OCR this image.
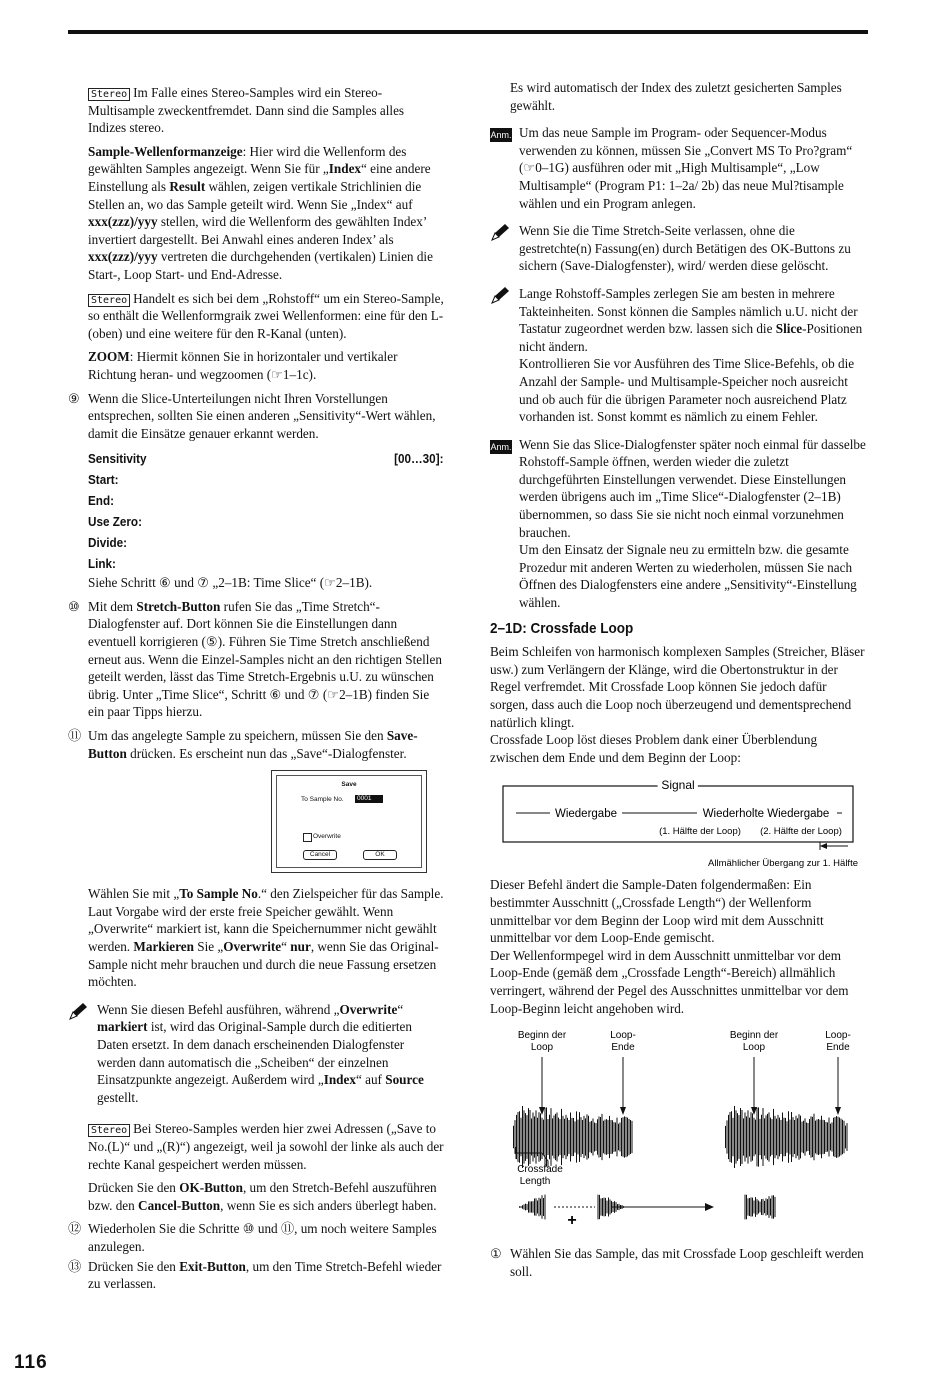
Stereo Im Falle eines Stereo-Samples wird ein Stereo-Multisample zweckentfremdet. Dann sind die Samples alles Indizes stereo.

Sample-Wellenformanzeige: Hier wird die Wellenform des gewählten Samples angezeigt. Wenn Sie für „Index“ eine andere Einstellung als Result wählen, zeigen vertikale Strichlinien die Stellen an, wo das Sample geteilt wird. Wenn Sie „Index“ auf xxx(zzz)/yyy stellen, wird die Wellenform des gewählten Index’ invertiert dargestellt. Bei Anwahl eines anderen Index’ als xxx(zzz)/yyy vertreten die durchgehenden (vertikalen) Linien die Start-, Loop Start- und End-Adresse.

Stereo Handelt es sich bei dem „Rohstoff“ um ein Stereo-Sample, so enthält die Wellenformgraik zwei Wellenformen: eine für den L- (oben) und eine weitere für den R-Kanal (unten).

ZOOM: Hiermit können Sie in horizontaler und vertikaler Richtung heran- und wegzoomen (☞1–1c).

⑨ Wenn die Slice-Unterteilungen nicht Ihren Vorstellungen entsprechen, sollten Sie einen anderen „Sensitivity“-Wert wählen, damit die Einsätze genauer erkannt werden.
Sensitivity	[00…30]:
Start:
End:
Use Zero:
Divide:
Link:

Siehe Schritt ⑥ und ⑦ „2–1B: Time Slice“ (☞2–1B).

⑩ Mit dem Stretch-Button rufen Sie das „Time Stretch“-Dialogfenster auf. Dort können Sie die Einstellungen dann eventuell korrigieren (⑤). Führen Sie Time Stretch anschließend erneut aus. Wenn die Einzel-Samples nicht an den richtigen Stellen geteilt werden, lässt das Time Stretch-Ergebnis u.U. zu wünschen übrig. Unter „Time Slice“, Schritt ⑥ und ⑦ (☞2–1B) finden Sie ein paar Tipps hierzu.
⑪ Um das angelegte Sample zu speichern, müssen Sie den Save-Button drücken. Es erscheint nun das „Save“-Dialogfenster.
Save
To Sample No.	0001
Overwrite
Cancel	OK

Wählen Sie mit „To Sample No.“ den Zielspeicher für das Sample. Laut Vorgabe wird der erste freie Speicher gewählt. Wenn „Overwrite“ markiert ist, kann die Speichernummer nicht gewählt werden. Markieren Sie „Overwrite“ nur, wenn Sie das Original-Sample nicht mehr brauchen und durch die neue Fassung ersetzen möchten.

Wenn Sie diesen Befehl ausführen, während „Overwrite“ markiert ist, wird das Original-Sample durch die editierten Daten ersetzt. In dem danach erscheinenden Dialogfenster werden dann automatisch die „Scheiben“ der einzelnen Einsatzpunkte angezeigt. Außerdem wird „Index“ auf Source gestellt.

Stereo Bei Stereo-Samples werden hier zwei Adressen („Save to No.(L)“ und „(R)“) angezeigt, weil ja sowohl der linke als auch der rechte Kanal gespeichert werden müssen.

Drücken Sie den OK-Button, um den Stretch-Befehl auszuführen bzw. den Cancel-Button, wenn Sie es sich anders überlegt haben.

⑫ Wiederholen Sie die Schritte ⑩ und ⑪, um noch weitere Samples anzulegen.
⑬ Drücken Sie den Exit-Button, um den Time Stretch-Befehl wieder zu verlassen.

Es wird automatisch der Index des zuletzt gesicherten Samples gewählt.

Anm. Um das neue Sample im Program- oder Sequencer-Modus verwenden zu können, müssen Sie „Convert MS To Pro?gram“ (☞0–1G) ausführen oder mit „High Multisample“, „Low Multisample“ (Program P1: 1–2a/ 2b) das neue Mul?tisample wählen und ein Program anlegen.
Wenn Sie die Time Stretch-Seite verlassen, ohne die gestretchte(n) Fassung(en) durch Betätigen des OK-Buttons zu sichern (Save-Dialogfenster), wird/ werden diese gelöscht.
Lange Rohstoff-Samples zerlegen Sie am besten in mehrere Takteinheiten. Sonst können die Samples nämlich u.U. nicht der Tastatur zugeordnet werden bzw. lassen sich die Slice-Positionen nicht ändern.
Kontrollieren Sie vor Ausführen des Time Slice-Befehls, ob die Anzahl der Sample- und Multisample-Speicher noch ausreicht und ob auch für die übrigen Parameter noch ausreichend Platz vorhanden ist. Sonst kommt es nämlich zu einem Fehler.
Anm. Wenn Sie das Slice-Dialogfenster später noch einmal für dasselbe Rohstoff-Sample öffnen, werden wieder die zuletzt durchgeführten Einstellungen verwendet. Diese Einstellungen werden übrigens auch im „Time Slice“-Dialogfenster (2–1B) übernommen, so dass Sie sie nicht noch einmal vorzunehmen brauchen.
Um den Einsatz der Signale neu zu ermitteln bzw. die gesamte Prozedur mit anderen Werten zu wiederholen, müssen Sie nach Öffnen des Dialogfensters eine andere „Sensitivity“-Einstellung wählen.
2–1D: Crossfade Loop

Beim Schleifen von harmonisch komplexen Samples (Streicher, Bläser usw.) zum Verlängern der Klänge, wird die Obertonstruktur in der Regel verfremdet. Mit Crossfade Loop können Sie jedoch dafür sorgen, dass auch die Loop noch überzeugend und dementsprechend natürlich klingt.
Crossfade Loop löst dieses Problem dank einer Überblendung zwischen dem Ende und dem Beginn der Loop:

Signal
Wiedergabe	Wiederholte Wiedergabe
(1. Hälfte der Loop) (2. Hälfte der Loop)
Allmählicher Übergang zur 1. Hälfte

Dieser Befehl ändert die Sample-Daten folgendermaßen: Ein bestimmter Ausschnitt („Crossfade Length“) der Wellenform unmittelbar vor dem Beginn der Loop wird mit dem Ausschnitt unmittelbar vor dem Loop-Ende gemischt.

Der Wellenformpegel wird in dem Ausschnitt unmittelbar vor dem Loop-Ende (gemäß dem „Crossfade Length“-Bereich) allmählich verringert, während der Pegel des Ausschnittes unmittelbar vor dem Loop-Beginn leicht angehoben wird.

Beginn der Loop
Loop-Ende
Beginn der Loop
Loop-Ende
Crossfade Length
+
① Wählen Sie das Sample, das mit Crossfade Loop geschleift werden soll.
116
